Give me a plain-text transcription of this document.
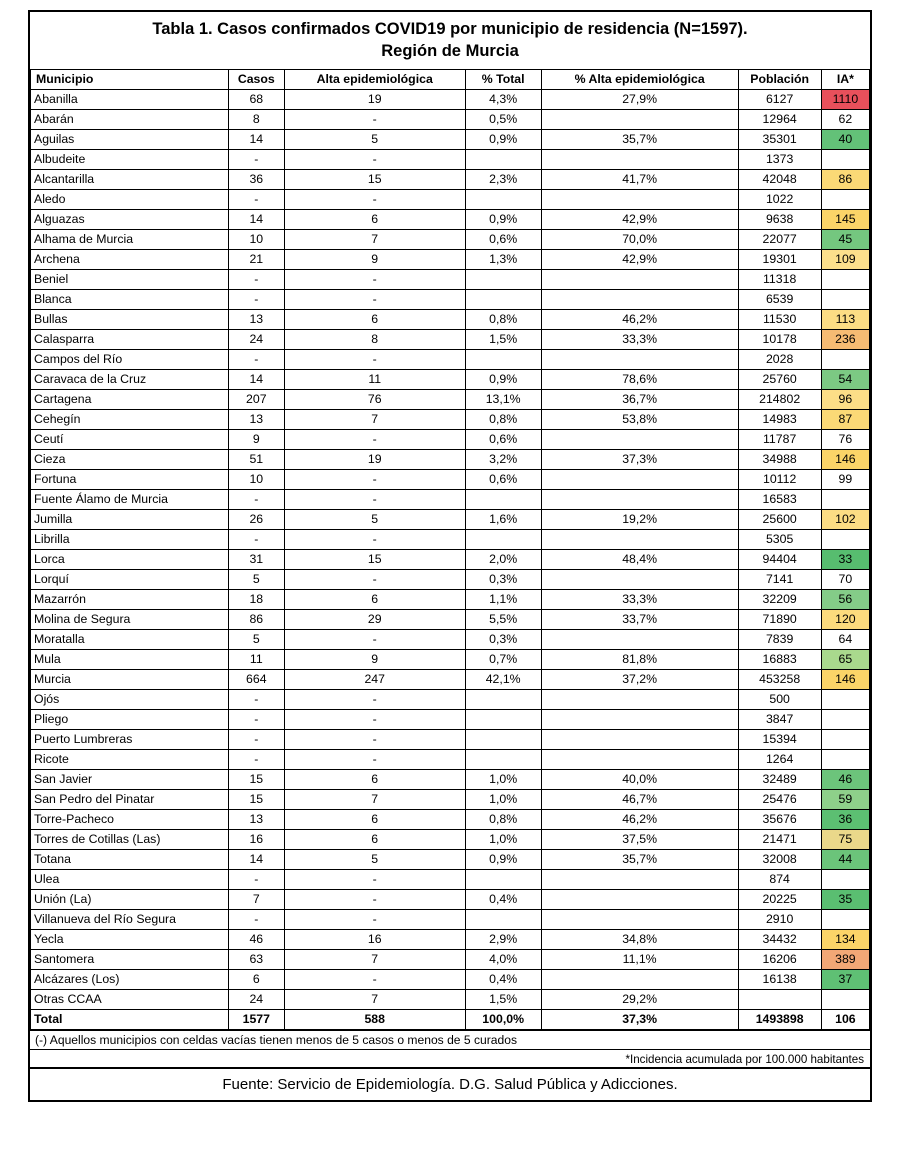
Tabla 1. Casos confirmados COVID19 por municipio de residencia (N=1597).
Región de Murcia
Municipio	Casos	Alta epidemiológica	% Total	% Alta epidemiológica	Población	IA*
Abanilla	68	19	4,3%	27,9%	6127	1110
Abarán	8	-	0,5%		12964	62
Aguilas	14	5	0,9%	35,7%	35301	40
Albudeite	-	-			1373	
Alcantarilla	36	15	2,3%	41,7%	42048	86
Aledo	-	-			1022	
Alguazas	14	6	0,9%	42,9%	9638	145
Alhama de Murcia	10	7	0,6%	70,0%	22077	45
Archena	21	9	1,3%	42,9%	19301	109
Beniel	-	-			11318	
Blanca	-	-			6539	
Bullas	13	6	0,8%	46,2%	11530	113
Calasparra	24	8	1,5%	33,3%	10178	236
Campos del Río	-	-			2028	
Caravaca de la Cruz	14	11	0,9%	78,6%	25760	54
Cartagena	207	76	13,1%	36,7%	214802	96
Cehegín	13	7	0,8%	53,8%	14983	87
Ceutí	9	-	0,6%		11787	76
Cieza	51	19	3,2%	37,3%	34988	146
Fortuna	10	-	0,6%		10112	99
Fuente Álamo de Murcia	-	-			16583	
Jumilla	26	5	1,6%	19,2%	25600	102
Librilla	-	-			5305	
Lorca	31	15	2,0%	48,4%	94404	33
Lorquí	5	-	0,3%		7141	70
Mazarrón	18	6	1,1%	33,3%	32209	56
Molina de Segura	86	29	5,5%	33,7%	71890	120
Moratalla	5	-	0,3%		7839	64
Mula	11	9	0,7%	81,8%	16883	65
Murcia	664	247	42,1%	37,2%	453258	146
Ojós	-	-			500	
Pliego	-	-			3847	
Puerto Lumbreras	-	-			15394	
Ricote	-	-			1264	
San Javier	15	6	1,0%	40,0%	32489	46
San Pedro del Pinatar	15	7	1,0%	46,7%	25476	59
Torre-Pacheco	13	6	0,8%	46,2%	35676	36
Torres de Cotillas (Las)	16	6	1,0%	37,5%	21471	75
Totana	14	5	0,9%	35,7%	32008	44
Ulea	-	-			874	
Unión (La)	7	-	0,4%		20225	35
Villanueva del Río Segura	-	-			2910	
Yecla	46	16	2,9%	34,8%	34432	134
Santomera	63	7	4,0%	11,1%	16206	389
Alcázares (Los)	6	-	0,4%		16138	37
Otras CCAA	24	7	1,5%	29,2%		
Total	1577	588	100,0%	37,3%	1493898	106
(-) Aquellos municipios con celdas vacías tienen menos de 5 casos o menos de 5 curados
*Incidencia acumulada por 100.000 habitantes
Fuente: Servicio de Epidemiología. D.G. Salud Pública y Adicciones.
